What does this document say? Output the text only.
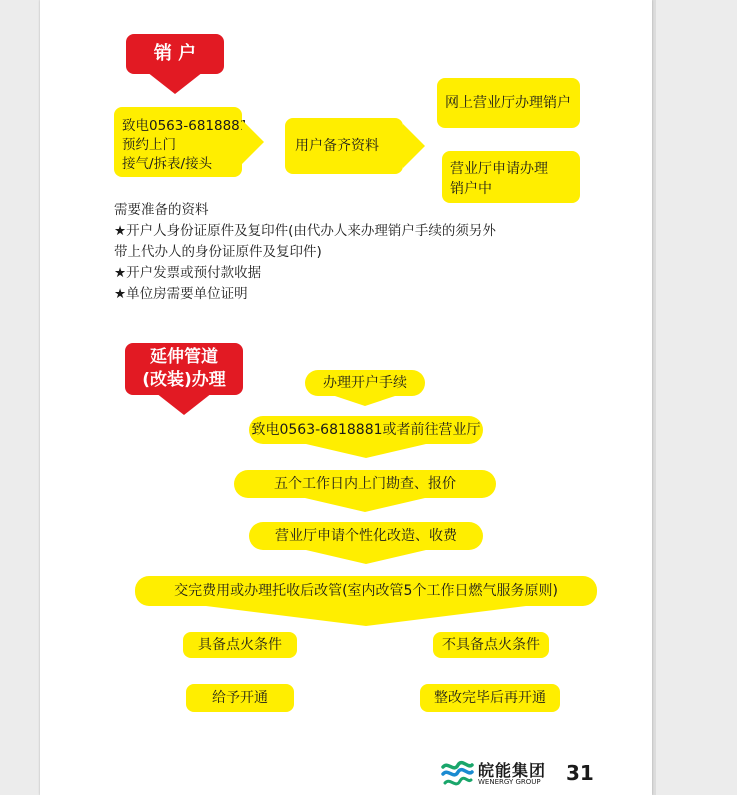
销 户
致电0563-6818881
预约上门
接气/拆表/接头
用户备齐资料
网上营业厅办理销户
营业厅申请办理
销户中
需要准备的资料
★开户人身份证原件及复印件(由代办人来办理销户手续的须另外
带上代办人的身份证原件及复印件)
★开户发票或预付款收据
★单位房需要单位证明
延伸管道
(改装)办理	办理开户手续
致电0563-6818881或者前往营业厅
五个工作日内上门勘查、报价
营业厅申请个性化改造、收费
交完费用或办理托收后改管(室内改管5个工作日燃气服务原则)
具备点火条件	不具备点火条件
给予开通	整改完毕后再开通
皖能集团
WENERGY GROUP 31
